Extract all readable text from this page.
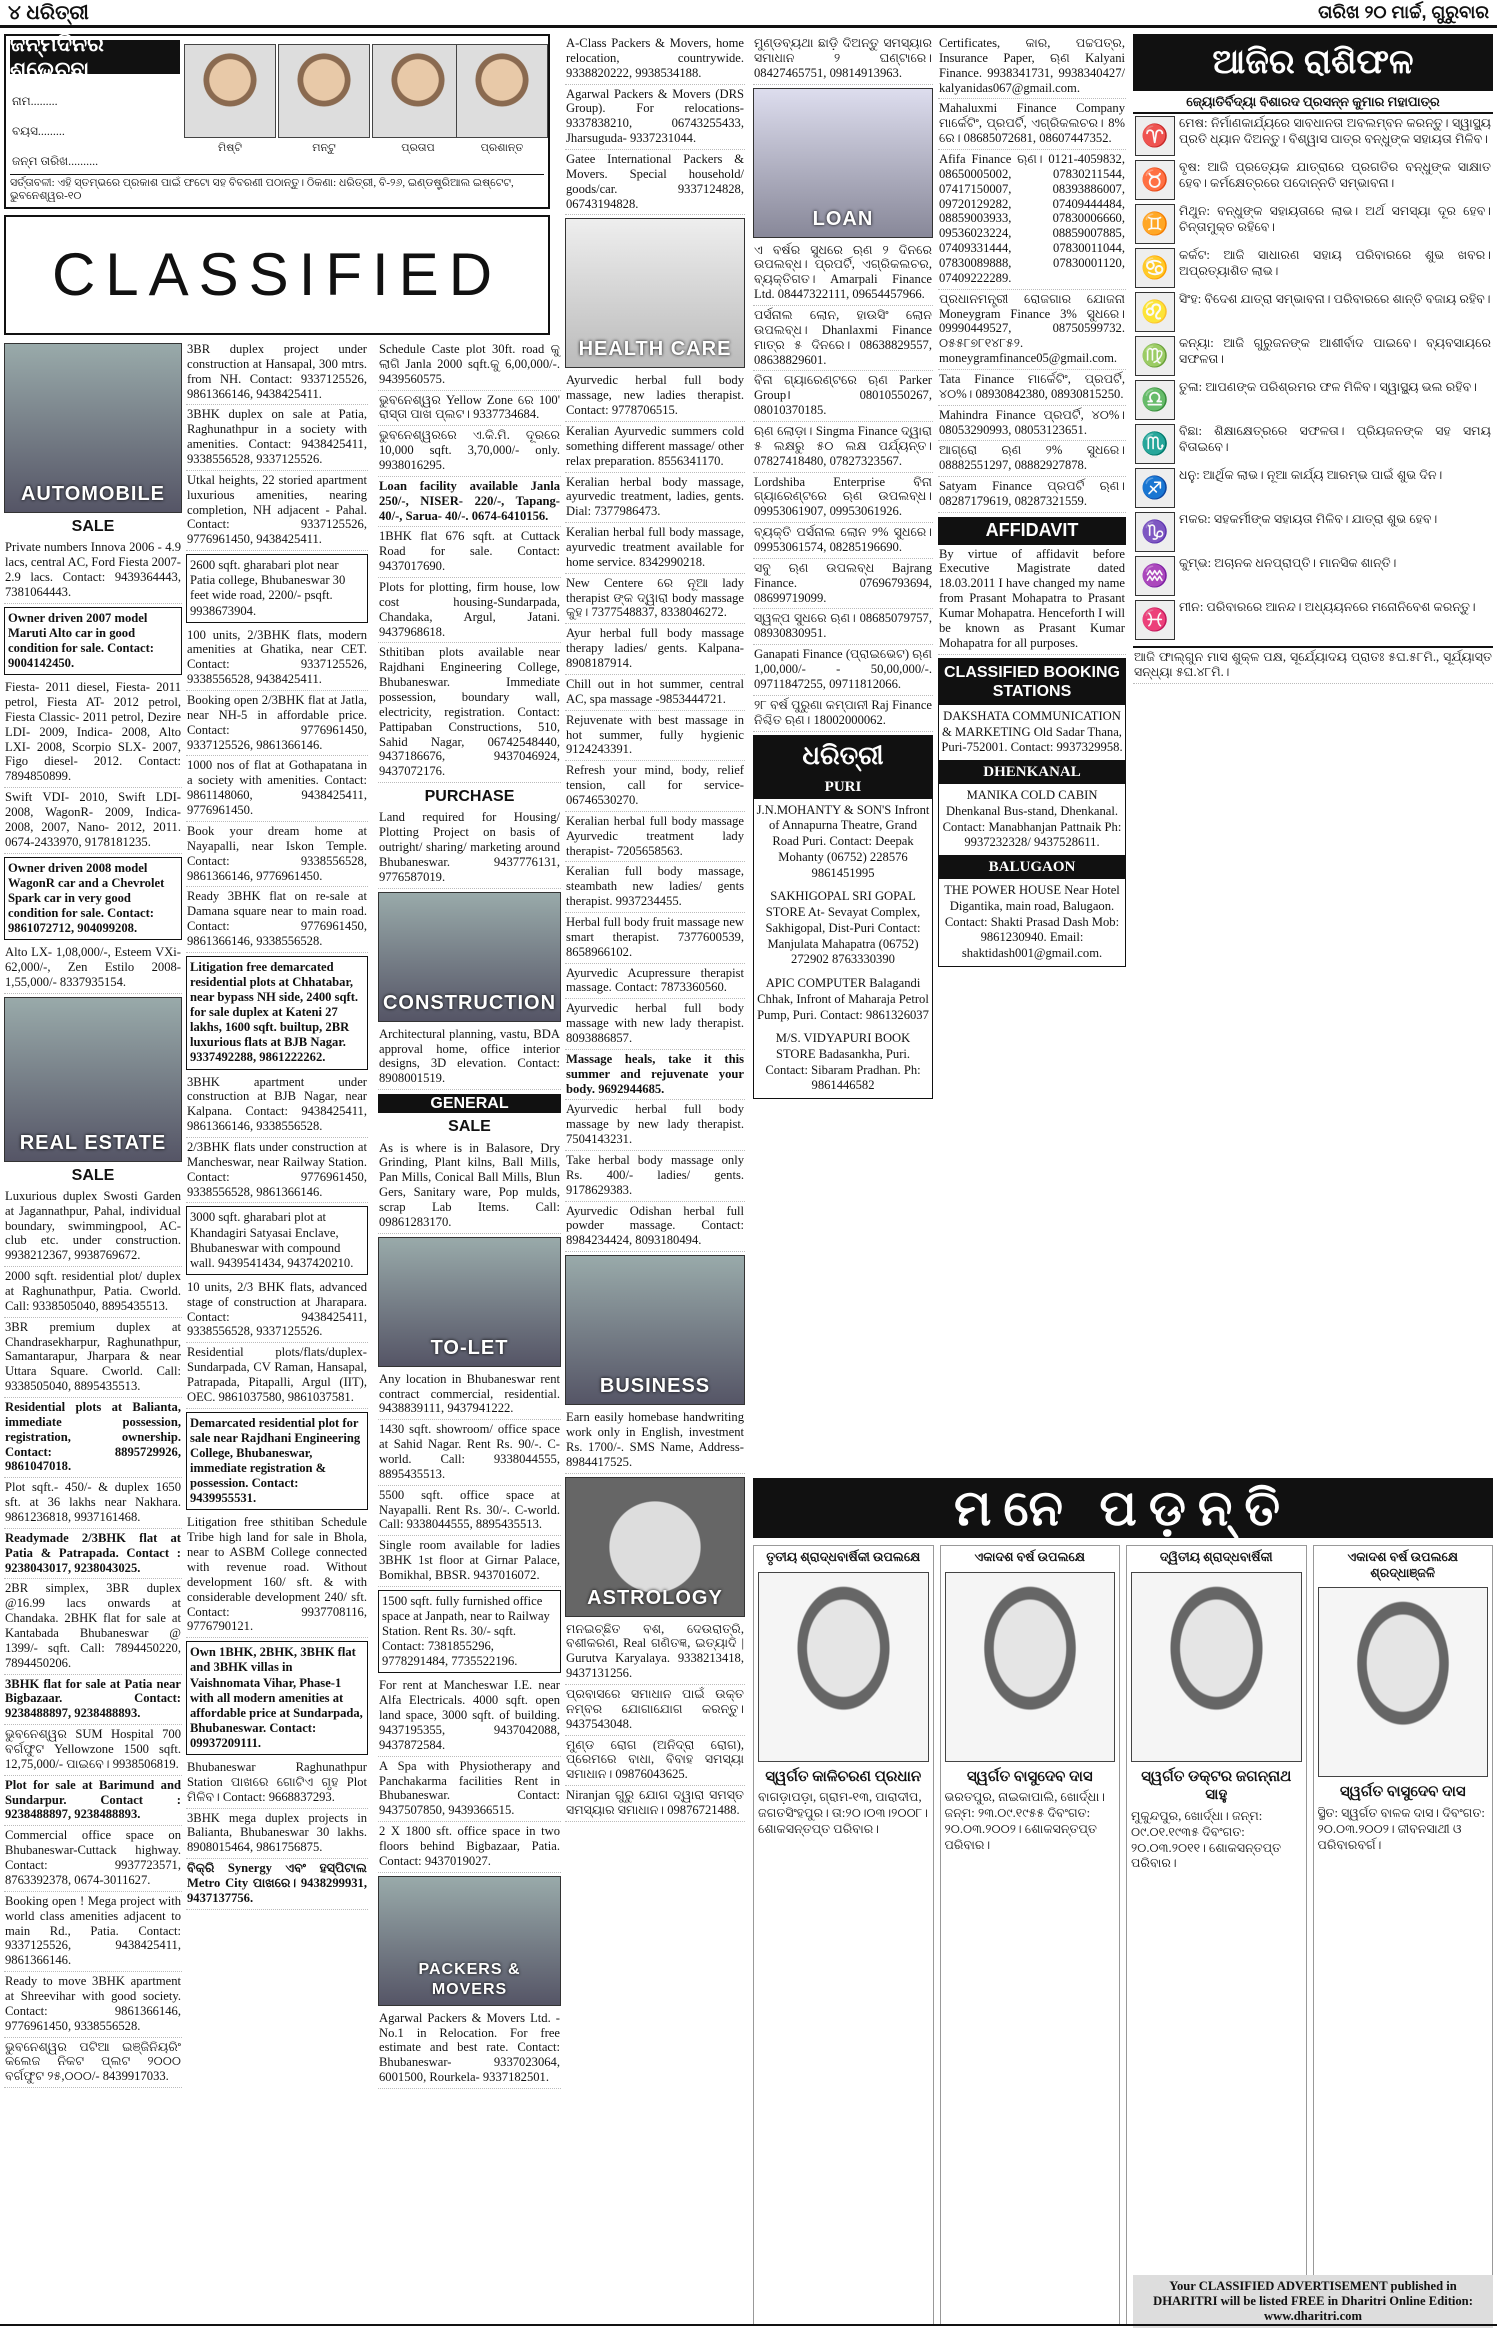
୪ ଧରିତ୍ରୀ	ତାରିଖ ୨୦ ମାର୍ଚ୍ଚ, ଗୁରୁବାର
ଜନ୍ମଦିନର ଶୁଭେଚ୍ଛା
ନାମ.........
ବୟସ.........
ଜନ୍ମ ତାରିଖ..........
ମିଷ୍ଟି	ମନ୍ଟୁ	ପ୍ରତାପ	ପ୍ରଶାନ୍ତ
ସର୍ତ୍ତାବଳୀ: ଏହି ସ୍ତମ୍ଭରେ ପ୍ରକାଶ ପାଇଁ ଫଟୋ ସହ ବିବରଣୀ ପଠାନ୍ତୁ। ଠିକଣା: ଧରିତ୍ରୀ, ବି-୨୬, ଇଣ୍ଡଷ୍ଟ୍ରିଆଲ ଇଷ୍ଟେଟ, ଭୁବନେଶ୍ୱର-୧୦
CLASSIFIED
AUTOMOBILE
SALE
Private numbers Innova 2006 - 4.9 lacs, central AC, Ford Fiesta 2007- 2.9 lacs. Contact: 9439364443, 7381064443.
Owner driven 2007 model Maruti Alto car in good condition for sale. Contact: 9004142450.
Fiesta- 2011 diesel, Fiesta- 2011 petrol, Fiesta AT- 2012 petrol, Fiesta Classic- 2011 petrol, Dezire LDI- 2009, Indica- 2008, Alto LXI- 2008, Scorpio SLX- 2007, Figo diesel- 2012. Contact: 7894850899.
Swift VDI- 2010, Swift LDI- 2008, WagonR- 2009, Indica- 2008, 2007, Nano- 2012, 2011. 0674-2433970, 9178181235.
Owner driven 2008 model WagonR car and a Chevrolet Spark car in very good condition for sale. Contact: 9861072712, 904099208.
Alto LX- 1,08,000/-, Esteem VXi- 62,000/-, Zen Estilo 2008- 1,55,000/- 8337935154.
REAL ESTATE
SALE
Luxurious duplex Swosti Garden at Jagannathpur, Pahal, individual boundary, swimmingpool, AC-club etc. under construction. 9938212367, 9938769672.
2000 sqft. residential plot/ duplex at Raghunathpur, Patia. Cworld. Call: 9338505040, 8895435513.
3BR premium duplex at Chandrasekharpur, Raghunathpur, Samantarapur, Jharpara & near Uttara Square. Cworld. Call: 9338505040, 8895435513.
Residential plots at Balianta, immediate possession, registration, ownership. Contact: 8895729926, 9861047018.
Plot sqft.- 450/- & duplex 1650 sft. at 36 lakhs near Nakhara. 9861236818, 9937161468.
Readymade 2/3BHK flat at Patia & Patrapada. Contact : 9238043017, 9238043025.
2BR simplex, 3BR duplex @16.99 lacs onwards at Chandaka. 2BHK flat for sale at Kantabada Bhubaneswar @ 1399/- sqft. Call: 7894450220, 7894450206.
3BHK flat for sale at Patia near Bigbazaar. Contact: 9238488897, 9238488893.
ଭୁବନେଶ୍ୱର SUM Hospital 700 ବର୍ଗଫୁଟ Yellowzone 1500 sqft. 12,75,000/- ପାଇବେ। 9938506819.
Plot for sale at Barimund and Sundarpur. Contact : 9238488897, 9238488893.
Commercial office space on Bhubaneswar-Cuttack highway. Contact: 9937723571, 8763392378, 0674-3011627.
Booking open ! Mega project with world class amenities adjacent to main Rd., Patia. Contact: 9337125526, 9438425411, 9861366146.
Ready to move 3BHK apartment at Shreevihar with good society. Contact: 9861366146, 9776961450, 9338556528.
ଭୁବନେଶ୍ୱର ପଟିଆ ଇଞ୍ଜିନିୟରିଂ କଲେଜ ନିକଟ ପ୍ଲଟ ୨୦୦୦ ବର୍ଗଫୁଟ ୨୫,୦୦୦/- 8439917033.
3BR duplex project under construction at Hansapal, 300 mtrs. from NH. Contact: 9337125526, 9861366146, 9438425411.
3BHK duplex on sale at Patia, Raghunathpur in a society with amenities. Contact: 9438425411, 9338556528, 9337125526.
Utkal heights, 22 storied apartment luxurious amenities, nearing completion, NH adjacent - Pahal. Contact: 9337125526, 9776961450, 9438425411.
2600 sqft. gharabari plot near Patia college, Bhubaneswar 30 feet wide road, 2200/- psqft. 9938673904.
100 units, 2/3BHK flats, modern amenities at Ghatika, near CET. Contact: 9337125526, 9338556528, 9438425411.
Booking open 2/3BHK flat at Jatla, near NH-5 in affordable price. Contact: 9776961450, 9337125526, 9861366146.
1000 nos of flat at Gothapatana in a society with amenities. Contact: 9861148060, 9438425411, 9776961450.
Book your dream home at Nayapalli, near Iskon Temple. Contact: 9338556528, 9861366146, 9776961450.
Ready 3BHK flat on re-sale at Damana square near to main road. Contact: 9776961450, 9861366146, 9338556528.
Litigation free demarcated residential plots at Chhatabar, near bypass NH side, 2400 sqft. for sale duplex at Kateni 27 lakhs, 1600 sqft. builtup, 2BR luxurious flats at BJB Nagar. 9337492288, 9861222262.
3BHK apartment under construction at BJB Nagar, near Kalpana. Contact: 9438425411, 9861366146, 9338556528.
2/3BHK flats under construction at Mancheswar, near Railway Station. Contact: 9776961450, 9338556528, 9861366146.
3000 sqft. gharabari plot at Khandagiri Satyasai Enclave, Bhubaneswar with compound wall. 9439541434, 9437420210.
10 units, 2/3 BHK flats, advanced stage of construction at Jharapara. Contact: 9438425411, 9338556528, 9337125526.
Residential plots/flats/duplex- Sundarpada, CV Raman, Hansapal, Patrapada, Pitapalli, Argul (IIT), OEC. 9861037580, 9861037581.
Demarcated residential plot for sale near Rajdhani Engineering College, Bhubaneswar, immediate registration & possession. Contact: 9439955531.
Litigation free sthitiban Schedule Tribe high land for sale in Bhola, near to ASBM College connected with revenue road. Without development 160/ sft. & with considerable development 240/ sft. Contact: 9937708116, 9776790121.
Own 1BHK, 2BHK, 3BHK flat and 3BHK villas in Vaishnomata Vihar, Phase-1 with all modern amenities at affordable price at Sundarpada, Bhubaneswar. Contact: 09937209111.
Bhubaneswar Raghunathpur Station ପାଖରେ ଗୋଟିଏ ଗୃହ Plot ମିଳିବ। Contact: 9668837293.
3BHK mega duplex projects in Balianta, Bhubaneswar 30 lakhs. 8908015464, 9861756875.
ବିକ୍ରି Synergy ଏବଂ ହସ୍ପିଟାଲ Metro City ପାଖରେ। 9438299931, 9437137756.
Schedule Caste plot 30ft. road କୁ ଲାଗି Janla 2000 sqft.କୁ 6,00,000/-. 9439560575.
ଭୁବନେଶ୍ୱର Yellow Zone ରେ 100' ରାସ୍ତା ପାଖ ପ୍ଲଟ। 9337734684.
ଭୁବନେଶ୍ୱରରେ ଏ.କି.ମି. ଦୂରରେ 10,000 sqft. 3,70,000/- only. 9938016295.
Loan facility available Janla 250/-, NISER- 220/-, Tapang- 40/-, Sarua- 40/-. 0674-6410156.
1BHK flat 676 sqft. at Cuttack Road for sale. Contact: 9437017690.
Plots for plotting, firm house, low cost housing-Sundarpada, Chandaka, Argul, Jatani. 9437968618.
Sthitiban plots available near Rajdhani Engineering College, Bhubaneswar. Immediate possession, boundary wall, electricity, registration. Contact: Pattipaban Constructions, 510, Sahid Nagar, 06742548440, 9437186676, 9437046924, 9437072176.
PURCHASE
Land required for Housing/ Plotting Project on basis of outright/ sharing/ marketing around Bhubaneswar. 9437776131, 9776587019.
CONSTRUCTION
Architectural planning, vastu, BDA approval home, office interior designs, 3D elevation. Contact: 8908001519.
GENERAL
SALE
As is where is in Balasore, Dry Grinding, Plant kilns, Ball Mills, Pan Mills, Conical Ball Mills, Blun Gers, Sanitary ware, Pop mulds, scrap Lab Items. Call: 09861283170.
TO-LET
Any location in Bhubaneswar rent contract commercial, residential. 9438839111, 9437941222.
1430 sqft. showroom/ office space at Sahid Nagar. Rent Rs. 90/-. C-world. Call: 9338044555, 8895435513.
5500 sqft. office space at Nayapalli. Rent Rs. 30/-. C-world. Call: 9338044555, 8895435513.
Single room available for ladies 3BHK 1st floor at Girnar Palace, Bomikhal, BBSR. 9437016072.
1500 sqft. fully furnished office space at Janpath, near to Railway Station. Rent Rs. 30/- sqft. Contact: 7381855296, 9778291484, 7735522196.
For rent at Mancheswar I.E. near Alfa Electricals. 4000 sqft. open land space, 3000 sqft. of building. 9437195355, 9437042088, 9437872584.
A Spa with Physiotherapy and Panchakarma facilities Rent in Bhubaneswar. Contact: 9437507850, 9439366515.
2 X 1800 sft. office space in two floors behind Bigbazaar, Patia. Contact: 9437019027.
PACKERS & MOVERS
Agarwal Packers & Movers Ltd. - No.1 in Relocation. For free estimate and best rate. Contact: Bhubaneswar- 9337023064, 6001500, Rourkela- 9337182501.
A-Class Packers & Movers, home relocation, countrywide. 9338820222, 9938534188.
Agarwal Packers & Movers (DRS Group). For relocations- 9337838210, 06743255433, Jharsuguda- 9337231044.
Gatee International Packers & Movers. Special household/ goods/car. 9337124828, 06743194828.
HEALTH CARE
Ayurvedic herbal full body massage, new ladies therapist. Contact: 9778706515.
Keralian Ayurvedic summers cold something different massage/ other relax preparation. 8556341170.
Keralian herbal body massage, ayurvedic treatment, ladies, gents. Dial: 7377986473.
Keralian herbal full body massage, ayurvedic treatment available for home service. 8342990218.
New Centere ରେ ନୂଆ lady therapist ଙ୍କ ଦ୍ୱାରା body massage କୁହ। 7377548837, 8338046272.
Ayur herbal full body massage therapy ladies/ gents. Kalpana- 8908187914.
Chill out in hot summer, central AC, spa massage -9853444721.
Rejuvenate with best massage in hot summer, fully hygienic 9124243391.
Refresh your mind, body, relief tension, call for service- 06746530270.
Keralian herbal full body massage Ayurvedic treatment lady therapist- 7205658563.
Keralian full body massage, steambath new ladies/ gents therapist. 9937234455.
Herbal full body fruit massage new smart therapist. 7377600539, 8658966102.
Ayurvedic Acupressure therapist massage. Contact: 7873360560.
Ayurvedic herbal full body massage with new lady therapist. 8093886857.
Massage heals, take it this summer and rejuvenate your body. 9692944685.
Ayurvedic herbal full body massage by new lady therapist. 7504143231.
Take herbal body massage only Rs. 400/- ladies/ gents. 9178629383.
Ayurvedic Odishan herbal full powder massage. Contact: 8984234424, 8093180494.
BUSINESS
Earn easily homebase handwriting work only in English, investment Rs. 1700/-. SMS Name, Address-8984417525.
ASTROLOGY
ମନଇଚ୍ଛିତ ବଶ, ଦେଉରାତ୍ରି, ବଶୀକରଣ, Real ଗଣିତଜ୍ଞ, ଇତ୍ୟାଦି | Gurutva Karyalaya. 9338213418, 9437131256.
ପ୍ରବାସରେ ସମାଧାନ ପାଇଁ ଉକ୍ତ ନମ୍ବର ଯୋଗାଯୋଗ କରନ୍ତୁ। 9437543048.
ମୁଣ୍ଡ ରୋଗ (ଅନିଦ୍ରା ରୋଗ), ପ୍ରେମରେ ବାଧା, ବିବାହ ସମସ୍ୟା ସମାଧାନ। 09876043625.
Niranjan ଗୁରୁ ଯୋଗ ଦ୍ୱାରା ସମସ୍ତ ସମସ୍ୟାର ସମାଧାନ। 09876721488.
ମୁଣ୍ଡବ୍ୟଥା ଛାଡ଼ି ଦିଅନ୍ତୁ ସମସ୍ୟାର ସମାଧାନ ୨ ଘଣ୍ଟାରେ। 08427465751, 09814913963.
LOAN
ଏ ବର୍ଷର ସୁଧରେ ଋଣ ୨ ଦିନରେ ଉପଲବ୍ଧ। ପ୍ରପର୍ଟି, ଏଗ୍ରିକଲଚର, ବ୍ୟକ୍ତିଗତ। Amarpali Finance Ltd. 08447322111, 09654457966.
ପର୍ସନାଲ ଲୋନ, ହାଉସିଂ ଲୋନ ଉପଲବ୍ଧ। Dhanlaxmi Finance ମାତ୍ର ୫ ଦିନରେ। 08638829557, 08638829601.
ବିନା ଗ୍ୟାରେଣ୍ଟରେ ଋଣ Parker Group। 08010550267, 08010370185.
ଋଣ ଲୋଡ଼ା। Singma Finance ଦ୍ୱାରା ୫ ଲକ୍ଷରୁ ୫୦ ଲକ୍ଷ ପର୍ଯ୍ୟନ୍ତ। 07827418480, 07827323567.
Lordshiba Enterprise ବିନା ଗ୍ୟାରେଣ୍ଟରେ ଋଣ ଉପଲବ୍ଧ। 09953061907, 09953061926.
ବ୍ୟକ୍ତି ପର୍ସନାଲ ଲୋନ ୨% ସୁଧରେ। 09953061574, 08285196690.
ସବୁ ଋଣ ଉପଲବ୍ଧ Bajrang Finance. 07696793694, 08699719099.
ସ୍ୱଳ୍ପ ସୁଧରେ ଋଣ। 08685079757, 08930830951.
Ganapati Finance (ପ୍ରାଇଭେଟ) ଋଣ 1,00,000/- - 50,00,000/-. 09711847255, 09711812066.
୨୮ ବର୍ଷ ପୁରୁଣା କମ୍ପାନୀ Raj Finance ନିଶ୍ଚିତ ଋଣ। 18002000062.
ଧରିତ୍ରୀ
PURI
J.N.MOHANTY & SON'S Infront of Annapurna Theatre, Grand Road Puri. Contact: Deepak Mohanty (06752) 228576 9861451995
SAKHIGOPAL SRI GOPAL STORE At- Sevayat Complex, Sakhigopal, Dist-Puri Contact: Manjulata Mahapatra (06752) 272902 8763330390
APIC COMPUTER Balagandi Chhak, Infront of Maharaja Petrol Pump, Puri. Contact: 9861326037
M/S. VIDYAPURI BOOK STORE Badasankha, Puri. Contact: Sibaram Pradhan. Ph: 9861446582
Certificates, କାର, ପଚ୍ଚପତ୍ର, Insurance Paper, ଋଣ Kalyani Finance. 9938341731, 9938340427/ kalyanidas067@gmail.com.
Mahaluxmi Finance Company ମାର୍କେଟିଂ, ପ୍ରପର୍ଟି, ଏଗ୍ରିକଲଚର। 8% ରେ। 08685072681, 08607447352.
Afifa Finance ଋଣ। 0121-4059832, 08650005002, 07830211544, 07417150007, 08393886007, 09720129282, 07409444484, 08859003933, 07830006660, 09536023224, 08859007885, 07409331444, 07830011044, 07830089888, 07830001120, 07409222289.
ପ୍ରଧାନମନ୍ତ୍ରୀ ରୋଜଗାର ଯୋଜନା Moneygram Finance 3% ସୁଧରେ। 09990449527, 08750599732. ୦୫୫୮୭୮୧୪୮୫୨. moneygramfinance05@gmail.com.
Tata Finance ମାର୍କେଟିଂ, ପ୍ରପର୍ଟି, ୪୦%। 08930842380, 08930815250.
Mahindra Finance ପ୍ରପର୍ଟି, ୪୦%। 08053290993, 08053123651.
ଆଗ୍ରୋ ଋଣ ୨% ସୁଧରେ। 08882551297, 08882927878.
Satyam Finance ପ୍ରପର୍ଟି ଋଣ। 08287179619, 08287321559.
AFFIDAVIT
By virtue of affidavit before Executive Magistrate dated 18.03.2011 I have changed my name from Prasant Mohapatra to Prasant Kumar Mohapatra. Henceforth I will be known as Prasant Kumar Mohapatra for all purposes.
CLASSIFIED BOOKING STATIONS
DAKSHATA COMMUNICATION & MARKETING Old Sadar Thana, Puri-752001. Contact: 9937329958.
DHENKANAL
MANIKA COLD CABIN Dhenkanal Bus-stand, Dhenkanal. Contact: Manabhanjan Pattnaik Ph: 9937232328/ 9437528611.
BALUGAON
THE POWER HOUSE Near Hotel Digantika, main road, Balugaon. Contact: Shakti Prasad Dash Mob: 9861230940. Email: shaktidash001@gmail.com.
ଆଜିର ରାଶିଫଳ
ଜ୍ୟୋତିର୍ବିଦ୍ୟା ବିଶାରଦ ପ୍ରସନ୍ନ କୁମାର ମହାପାତ୍ର
♈ ମେଷ: ନିର୍ମାଣକାର୍ଯ୍ୟରେ ସାବଧାନତା ଅବଲମ୍ବନ କରନ୍ତୁ। ସ୍ୱାସ୍ଥ୍ୟ ପ୍ରତି ଧ୍ୟାନ ଦିଅନ୍ତୁ। ବିଶ୍ୱାସ ପାତ୍ର ବନ୍ଧୁଙ୍କ ସହାୟତା ମିଳିବ।
♉ ବୃଷ: ଆଜି ପ୍ରତ୍ୟେକ ଯାତ୍ରାରେ ପ୍ରଗତିର ବନ୍ଧୁଙ୍କ ସାକ୍ଷାତ ହେବ। କର୍ମକ୍ଷେତ୍ରରେ ପଦୋନ୍ନତି ସମ୍ଭାବନା।
♊ ମିଥୁନ: ବନ୍ଧୁଙ୍କ ସହାୟତାରେ ଲାଭ। ଅର୍ଥ ସମସ୍ୟା ଦୂର ହେବ। ଚିନ୍ତାମୁକ୍ତ ରହିବେ।
♋ କର୍କଟ: ଆଜି ସାଧାରଣ ସହାୟ ପରିବାରରେ ଶୁଭ ଖବର। ଅପ୍ରତ୍ୟାଶିତ ଲାଭ।
♌ ସିଂହ: ବିଦେଶ ଯାତ୍ରା ସମ୍ଭାବନା। ପରିବାରରେ ଶାନ୍ତି ବଜାୟ ରହିବ।
♍ କନ୍ୟା: ଆଜି ଗୁରୁଜନଙ୍କ ଆଶୀର୍ବାଦ ପାଇବେ। ବ୍ୟବସାୟରେ ସଫଳତା।
♎ ତୁଳା: ଆପଣଙ୍କ ପରିଶ୍ରମର ଫଳ ମିଳିବ। ସ୍ୱାସ୍ଥ୍ୟ ଭଲ ରହିବ।
♏ ବିଛା: ଶିକ୍ଷାକ୍ଷେତ୍ରରେ ସଫଳତା। ପ୍ରିୟଜନଙ୍କ ସହ ସମୟ ବିତାଇବେ।
♐ ଧନୁ: ଆର୍ଥିକ ଲାଭ। ନୂଆ କାର୍ଯ୍ୟ ଆରମ୍ଭ ପାଇଁ ଶୁଭ ଦିନ।
♑ ମକର: ସହକର୍ମୀଙ୍କ ସହାୟତା ମିଳିବ। ଯାତ୍ରା ଶୁଭ ହେବ।
♒ କୁମ୍ଭ: ଅଚାନକ ଧନପ୍ରାପ୍ତି। ମାନସିକ ଶାନ୍ତି।
♓ ମୀନ: ପରିବାରରେ ଆନନ୍ଦ। ଅଧ୍ୟୟନରେ ମନୋନିବେଶ କରନ୍ତୁ।
ଆଜି ଫାଲ୍ଗୁନ ମାସ ଶୁକ୍ଳ ପକ୍ଷ, ସୂର୍ଯ୍ୟୋଦୟ ପ୍ରାତଃ ୫ଘ.୫୮ମି., ସୂର୍ଯ୍ୟାସ୍ତ ସନ୍ଧ୍ୟା ୫ଘ.୪୮ମି.।
ମନେ ପଡ଼ନ୍ତି
ତୃତୀୟ ଶ୍ରାଦ୍ଧବାର୍ଷିକୀ ଉପଲକ୍ଷେ
ସ୍ୱର୍ଗତ କାଳିଚରଣ ପ୍ରଧାନ
ବାଗଡ଼ାପଡ଼ା, ଗ୍ରାମ-୧୩, ପାରାଦୀପ, ଜଗତସିଂହପୁର। ତା:୨୦।୦୩।୨୦୦୮। ଶୋକସନ୍ତପ୍ତ ପରିବାର।
ଏକାଦଶ ବର୍ଷ ଉପଲକ୍ଷେ
ସ୍ୱର୍ଗତ ବାସୁଦେବ ଦାସ
ଭରତପୁର, ନାଇକାପାଲି, ଖୋର୍ଦ୍ଧା। ଜନ୍ମ: ୨୩.୦୯.୧୯୫୫ ଦିବଂଗତ: ୨୦.୦୩.୨୦୦୨। ଶୋକସନ୍ତପ୍ତ ପରିବାର।
ଦ୍ୱିତୀୟ ଶ୍ରାଦ୍ଧବାର୍ଷିକୀ
ସ୍ୱର୍ଗତ ଡକ୍ଟର ଜଗନ୍ନାଥ ସାହୁ
ମୁକୁନ୍ଦପୁର, ଖୋର୍ଦ୍ଧା। ଜନ୍ମ: ୦୯.୦୧.୧୯୩୫ ଦିବଂଗତ: ୨୦.୦୩.୨୦୧୧। ଶୋକସନ୍ତପ୍ତ ପରିବାର।
ଏକାଦଶ ବର୍ଷ ଉପଲକ୍ଷେ ଶ୍ରଦ୍ଧାଞ୍ଜଳି
ସ୍ୱର୍ଗତ ବାସୁଦେବ ଦାସ
ସ୍ଥିତ: ସ୍ୱର୍ଗତ ବାଳକ ଦାସ। ଦିବଂଗତ: ୨୦.୦୩.୨୦୦୨। ଜୀବନସାଥୀ ଓ ପରିବାରବର୍ଗ।
Your CLASSIFIED ADVERTISEMENT published in DHARITRI will be listed FREE in Dharitri Online Edition: www.dharitri.com
